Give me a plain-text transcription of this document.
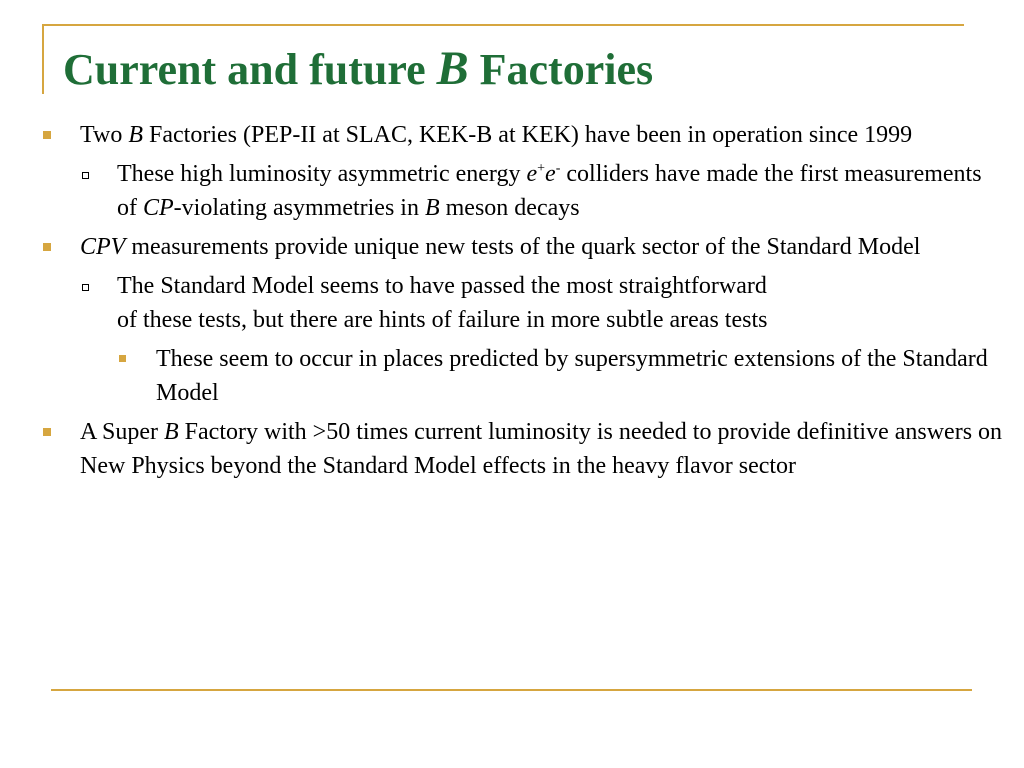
Current and future B Factories
Two B Factories (PEP-II at SLAC, KEK-B at KEK) have been in operation since 1999
These high luminosity asymmetric energy e+e- colliders have made the first measurements of CP-violating asymmetries in B meson decays
CPV measurements provide unique new tests of the quark sector of the Standard Model
The Standard Model seems to have passed the most straightforward
of these tests, but there are hints of failure in more subtle areas tests
These seem to occur in places predicted by supersymmetric extensions of the Standard Model
A Super B Factory with >50 times current luminosity is needed to provide definitive answers on New Physics beyond the Standard Model effects in the heavy flavor sector
